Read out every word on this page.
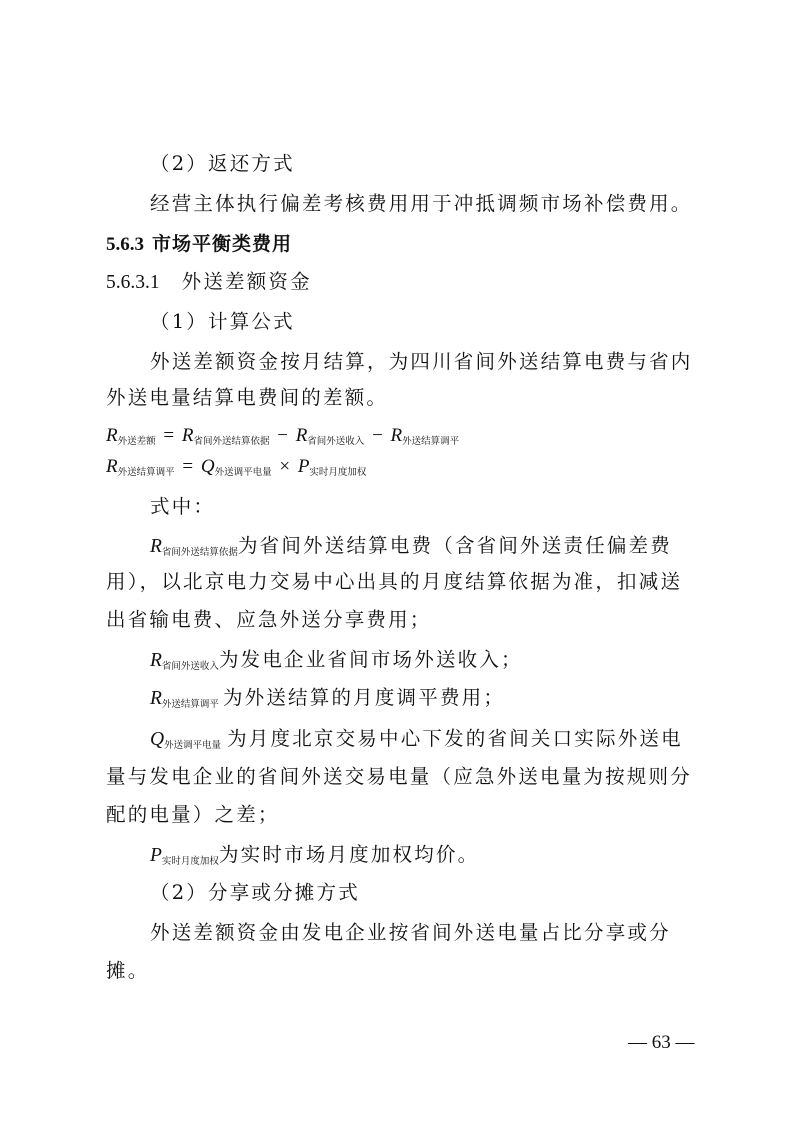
（2）返还方式
经营主体执行偏差考核费用用于冲抵调频市场补偿费用。
5.6.3 市场平衡类费用
5.6.3.1 外送差额资金
（1）计算公式
外送差额资金按月结算，为四川省间外送结算电费与省内
外送电量结算电费间的差额。
$R_{外送差额} = R_{省间外送结算依据} - R_{省间外送收入} - R_{外送结算调平}$
$R_{外送结算调平} = Q_{外送调平电量} \times P_{实时月度加权}$
式中：
$R_{省间外送结算依据}$为省间外送结算电费（含省间外送责任偏差费
用），以北京电力交易中心出具的月度结算依据为准，扣减送
出省输电费、应急外送分享费用；
$R_{省间外送收入}$为发电企业省间市场外送收入；
$R_{外送结算调平}$ 为外送结算的月度调平费用；
$Q_{外送调平电量}$ 为月度北京交易中心下发的省间关口实际外送电
量与发电企业的省间外送交易电量（应急外送电量为按规则分
配的电量）之差；
$P_{实时月度加权}$为实时市场月度加权均价。
（2）分享或分摊方式
外送差额资金由发电企业按省间外送电量占比分享或分
摊。
— 63 —
